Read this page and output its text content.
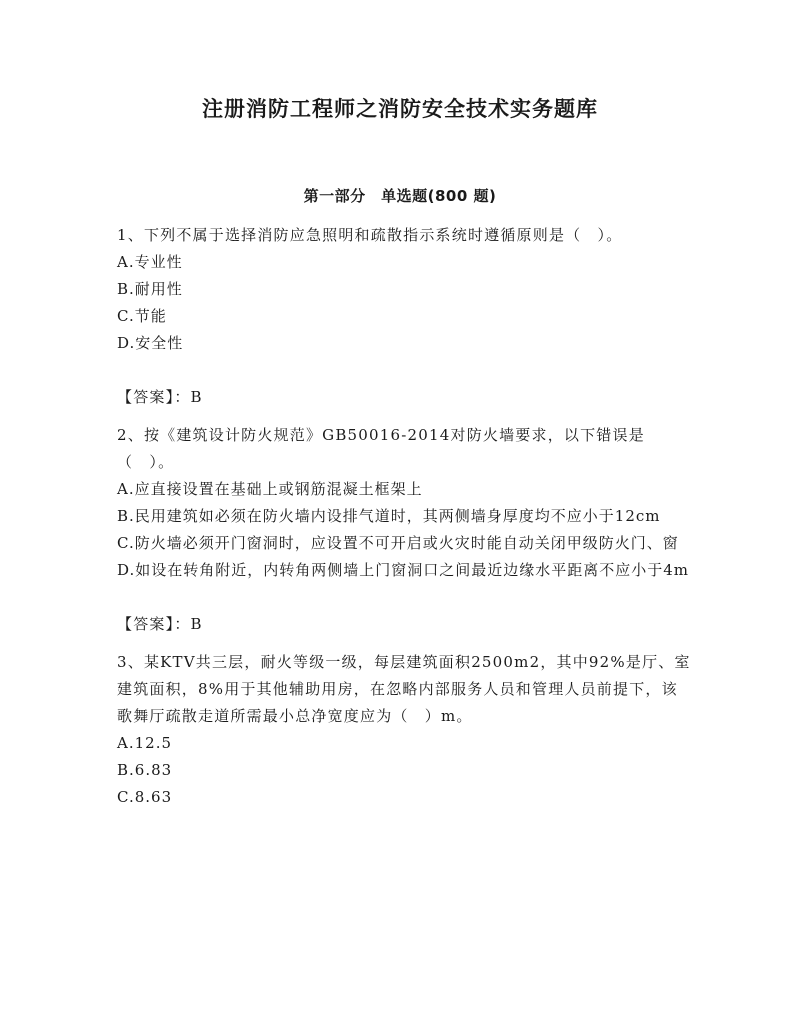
注册消防工程师之消防安全技术实务题库
第一部分　单选题(800 题)

1、下列不属于选择消防应急照明和疏散指示系统时遵循原则是（　）。

A.专业性

B.耐用性

C.节能

D.安全性

【答案】：B

2、按《建筑设计防火规范》GB50016-2014对防火墙要求，以下错误是（　）。

A.应直接设置在基础上或钢筋混凝土框架上

B.民用建筑如必须在防火墙内设排气道时，其两侧墙身厚度均不应小于12cm

C.防火墙必须开门窗洞时，应设置不可开启或火灾时能自动关闭甲级防火门、窗

D.如设在转角附近，内转角两侧墙上门窗洞口之间最近边缘水平距离不应小于4m

【答案】：B

3、某KTV共三层，耐火等级一级，每层建筑面积2500m2，其中92%是厅、室建筑面积，8%用于其他辅助用房，在忽略内部服务人员和管理人员前提下，该歌舞厅疏散走道所需最小总净宽度应为（　）m。

A.12.5

B.6.83

C.8.63
